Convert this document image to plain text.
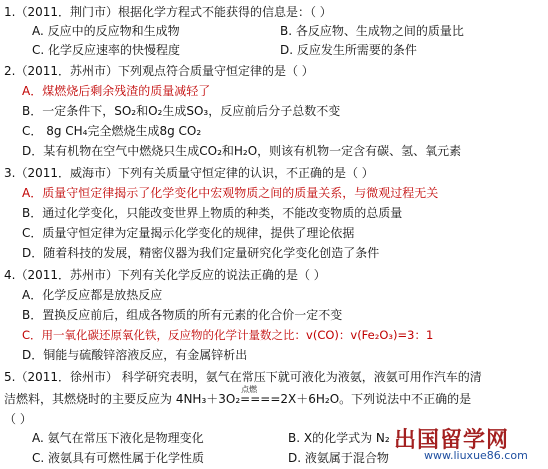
1.（2011．荆门市）根据化学方程式不能获得的信息是：（ ）
A. 反应中的反应物和生成物	B. 各反应物、生成物之间的质量比
C. 化学反应速率的快慢程度	D. 反应发生所需要的条件
2.（2011．苏州市）下列观点符合质量守恒定律的是（ ）
A．煤燃烧后剩余残渣的质量减轻了
B．一定条件下，SO₂和O₂生成SO₃，反应前后分子总数不变
C． 8g CH₄完全燃烧生成8g CO₂
D．某有机物在空气中燃烧只生成CO₂和H₂O，则该有机物一定含有碳、氢、氧元素
3.（2011．威海市）下列有关质量守恒定律的认识，不正确的是（ ）
A．质量守恒定律揭示了化学变化中宏观物质之间的质量关系，与微观过程无关
B．通过化学变化，只能改变世界上物质的种类，不能改变物质的总质量
C．质量守恒定律为定量揭示化学变化的规律，提供了理论依据
D．随着科技的发展，精密仪器为我们定量研究化学变化创造了条件
4.（2011．苏州市）下列有关化学反应的说法正确的是（ ）
A．化学反应都是放热反应
B．置换反应前后，组成各物质的所有元素的化合价一定不变
C．用一氧化碳还原氧化铁，反应物的化学计量数之比：v(CO)：v(Fe₂O₃)=3：1
D．铜能与硫酸锌溶液反应，有金属锌析出
5.（2011．徐州市） 科学研究表明，氨气在常压下就可液化为液氨，液氨可用作汽车的清
洁燃料，其燃烧时的主要反应为 4NH₃＋3O₂
点燃
====2X＋6H₂O。下列说法中不正确的是
（ ）
A. 氨气在常压下液化是物理变化	B. X的化学式为 N₂
C. 液氨具有可燃性属于化学性质	D. 液氨属于混合物
出国留学网
www.liuxue86.com
